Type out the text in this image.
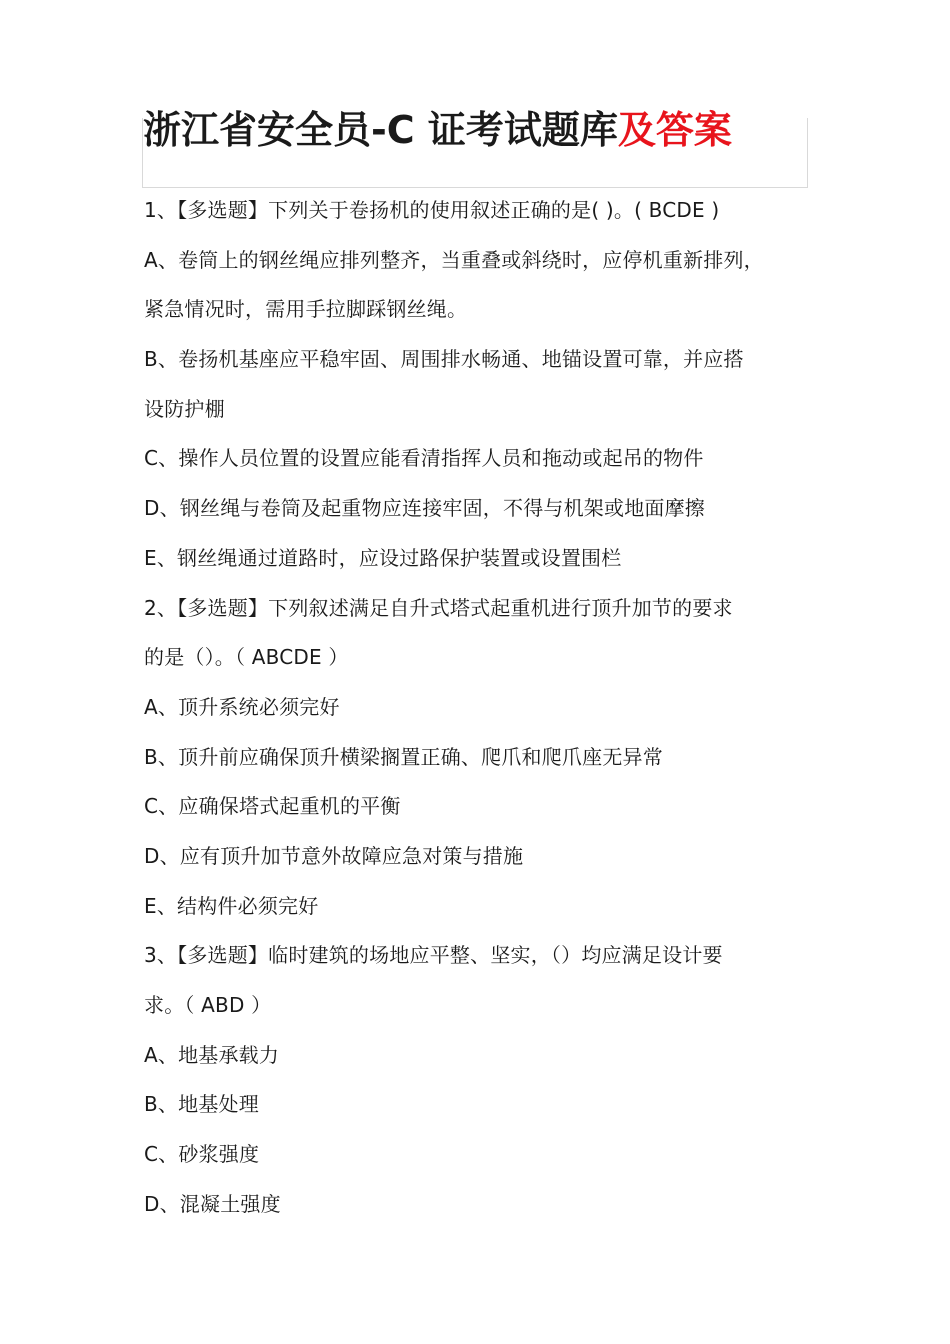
浙江省安全员-C 证考试题库及答案
1、【多选题】下列关于卷扬机的使用叙述正确的是( )。( BCDE )
A、卷筒上的钢丝绳应排列整齐，当重叠或斜绕时，应停机重新排列，
紧急情况时，需用手拉脚踩钢丝绳。
B、卷扬机基座应平稳牢固、周围排水畅通、地锚设置可靠，并应搭
设防护棚
C、操作人员位置的设置应能看清指挥人员和拖动或起吊的物件
D、钢丝绳与卷筒及起重物应连接牢固，不得与机架或地面摩擦
E、钢丝绳通过道路时，应设过路保护装置或设置围栏
2、【多选题】下列叙述满足自升式塔式起重机进行顶升加节的要求
的是（）。（ ABCDE ）
A、顶升系统必须完好
B、顶升前应确保顶升横梁搁置正确、爬爪和爬爪座无异常
C、应确保塔式起重机的平衡
D、应有顶升加节意外故障应急对策与措施
E、结构件必须完好
3、【多选题】临时建筑的场地应平整、坚实，（）均应满足设计要
求。（ ABD ）
A、地基承载力
B、地基处理
C、砂浆强度
D、混凝土强度
